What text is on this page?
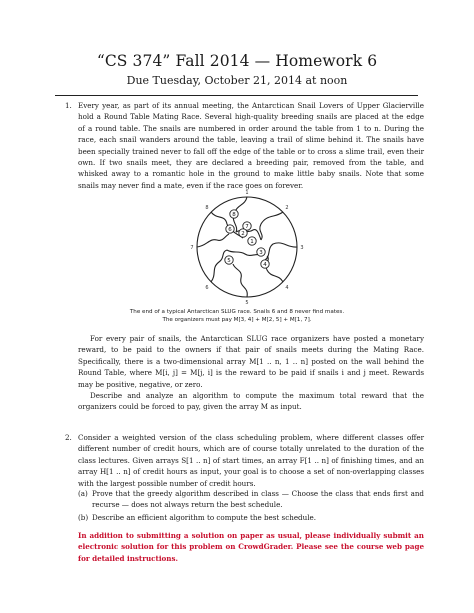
“CS 374” Fall 2014 — Homework 6
Due Tuesday, October 21, 2014 at noon
1. Every year, as part of its annual meeting, the Antarctican Snail Lovers of Upper Glacierville hold a Round Table Mating Race. Several high-quality breeding snails are placed at the edge of a round table. The snails are numbered in order around the table from 1 to n. During the race, each snail wanders around the table, leaving a trail of slime behind it. The snails have been specially trained never to fall off the edge of the table or to cross a slime trail, even their own. If two snails meet, they are declared a breeding pair, removed from the table, and whisked away to a romantic hole in the ground to make little baby snails. Note that some snails may never find a mate, even if the race goes on forever.

8
6 7
1
2
5
3
4
1
2
3
4
5
6
7
8
The end of a typical Antarctican SLUG race. Snails 6 and 8 never find mates.
The organizers must pay M[3, 4] + M[2, 5] + M[1, 7].

For every pair of snails, the Antarctican SLUG race organizers have posted a monetary reward, to be paid to the owners if that pair of snails meets during the Mating Race. Specifically, there is a two-dimensional array M[1 .. n, 1 .. n] posted on the wall behind the Round Table, where M[i, j] = M[j, i] is the reward to be paid if snails i and j meet. Rewards may be positive, negative, or zero.

Describe and analyze an algorithm to compute the maximum total reward that the organizers could be forced to pay, given the array M as input.

2. Consider a weighted version of the class scheduling problem, where different classes offer different number of credit hours, which are of course totally unrelated to the duration of the class lectures. Given arrays S[1 .. n] of start times, an array F[1 .. n] of finishing times, and an array H[1 .. n] of credit hours as input, your goal is to choose a set of non-overlapping classes with the largest possible number of credit hours.

(a) Prove that the greedy algorithm described in class — Choose the class that ends first and recurse — does not always return the best schedule.
(b) Describe an efficient algorithm to compute the best schedule.
In addition to submitting a solution on paper as usual, please individually submit an electronic solution for this problem on CrowdGrader. Please see the course web page for detailed instructions.
